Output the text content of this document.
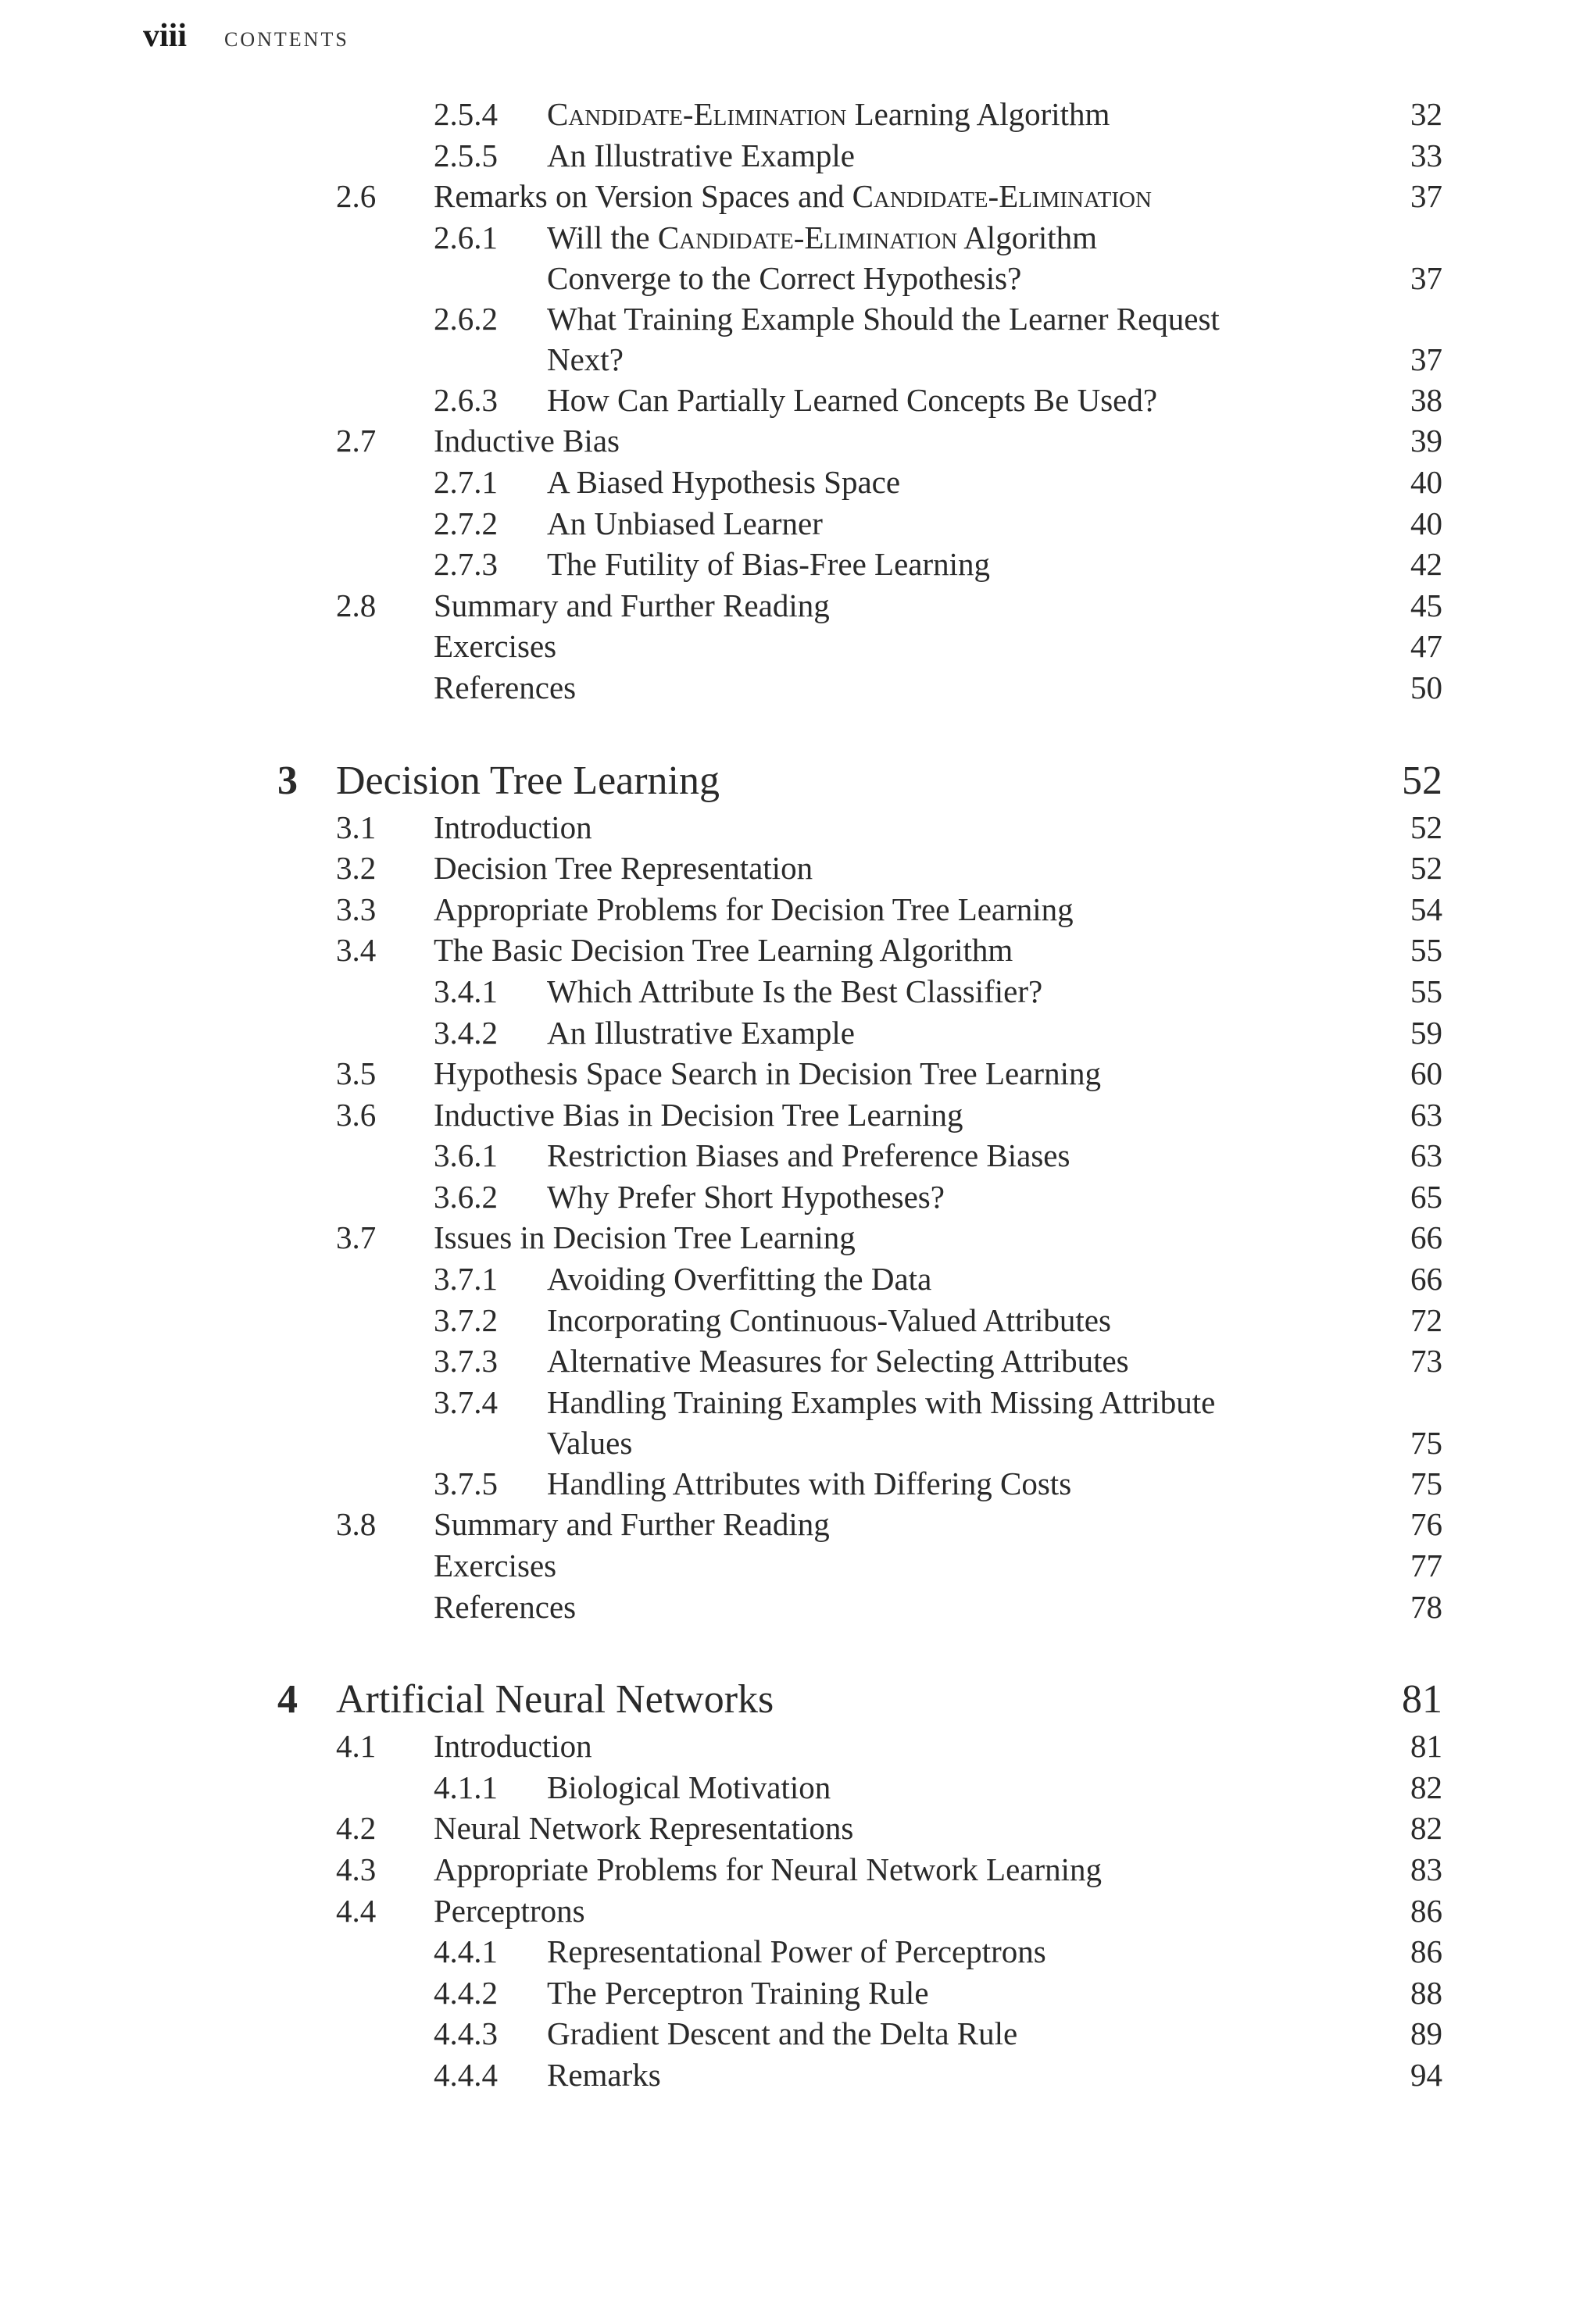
viii CONTENTS
2.5.4 Candidate-Elimination Learning Algorithm	32
2.5.5 An Illustrative Example	33
2.6 Remarks on Version Spaces and Candidate-Elimination	37
2.6.1 Will the Candidate-Elimination Algorithm
Converge to the Correct Hypothesis?	37
2.6.2 What Training Example Should the Learner Request
Next?	37
2.6.3 How Can Partially Learned Concepts Be Used?	38
2.7 Inductive Bias	39
2.7.1 A Biased Hypothesis Space	40
2.7.2 An Unbiased Learner	40
2.7.3 The Futility of Bias-Free Learning	42
2.8 Summary and Further Reading	45
Exercises	47
References	50
3 Decision Tree Learning	52
3.1 Introduction	52
3.2 Decision Tree Representation	52
3.3 Appropriate Problems for Decision Tree Learning	54
3.4 The Basic Decision Tree Learning Algorithm	55
3.4.1 Which Attribute Is the Best Classifier?	55
3.4.2 An Illustrative Example	59
3.5 Hypothesis Space Search in Decision Tree Learning	60
3.6 Inductive Bias in Decision Tree Learning	63
3.6.1 Restriction Biases and Preference Biases	63
3.6.2 Why Prefer Short Hypotheses?	65
3.7 Issues in Decision Tree Learning	66
3.7.1 Avoiding Overfitting the Data	66
3.7.2 Incorporating Continuous-Valued Attributes	72
3.7.3 Alternative Measures for Selecting Attributes	73
3.7.4 Handling Training Examples with Missing Attribute
Values	75
3.7.5 Handling Attributes with Differing Costs	75
3.8 Summary and Further Reading	76
Exercises	77
References	78
4 Artificial Neural Networks	81
4.1 Introduction	81
4.1.1 Biological Motivation	82
4.2 Neural Network Representations	82
4.3 Appropriate Problems for Neural Network Learning	83
4.4 Perceptrons	86
4.4.1 Representational Power of Perceptrons	86
4.4.2 The Perceptron Training Rule	88
4.4.3 Gradient Descent and the Delta Rule	89
4.4.4 Remarks	94
